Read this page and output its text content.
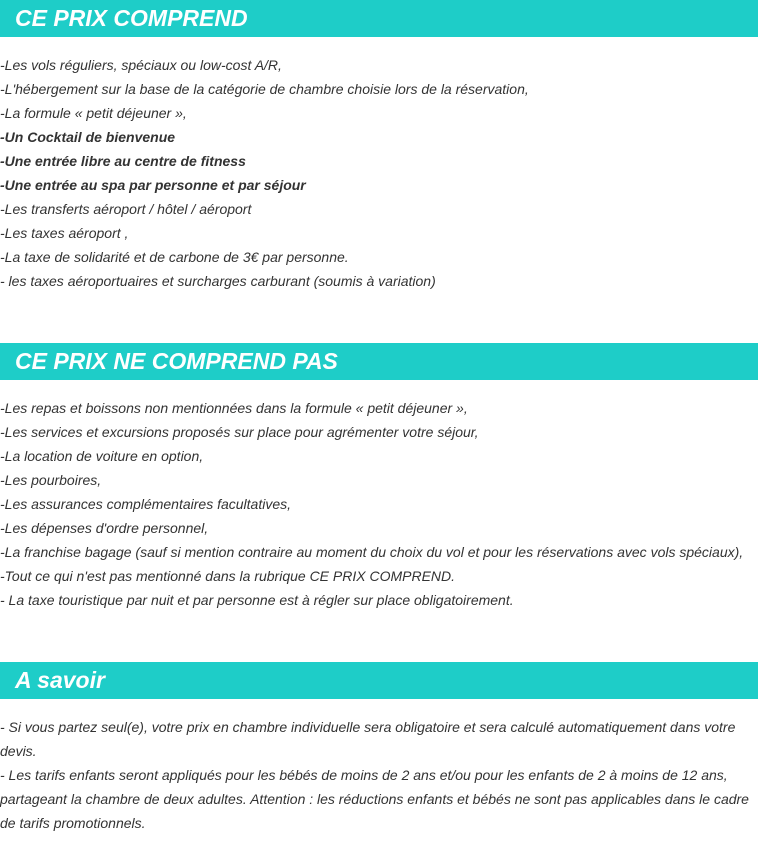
CE PRIX COMPREND
-Les vols réguliers, spéciaux ou low-cost A/R,
-L'hébergement sur la base de la catégorie de chambre choisie lors de la réservation,
-La formule « petit déjeuner »,
-Un Cocktail de bienvenue
-Une entrée libre au centre de fitness
-Une entrée au spa par personne et par séjour
-Les transferts aéroport / hôtel / aéroport
-Les taxes aéroport ,
-La taxe de solidarité et de carbone de 3€ par personne.
- les taxes aéroportuaires et surcharges carburant (soumis à variation)
CE PRIX NE COMPREND PAS
-Les repas et boissons non mentionnées dans la formule « petit déjeuner »,
-Les services et excursions proposés sur place pour agrémenter votre séjour,
-La location de voiture en option,
-Les pourboires,
-Les assurances complémentaires facultatives,
-Les dépenses d'ordre personnel,
-La franchise bagage (sauf si mention contraire au moment du choix du vol et pour les réservations avec vols spéciaux),
-Tout ce qui n'est pas mentionné dans la rubrique CE PRIX COMPREND.
- La taxe touristique par nuit et par personne est à régler sur place obligatoirement.
A savoir
- Si vous partez seul(e), votre prix en chambre individuelle sera obligatoire et sera calculé automatiquement dans votre devis.
- Les tarifs enfants seront appliqués pour les bébés de moins de 2 ans et/ou pour les enfants de 2 à moins de 12 ans, partageant la chambre de deux adultes. Attention : les réductions enfants et bébés ne sont pas applicables dans le cadre de tarifs promotionnels.
